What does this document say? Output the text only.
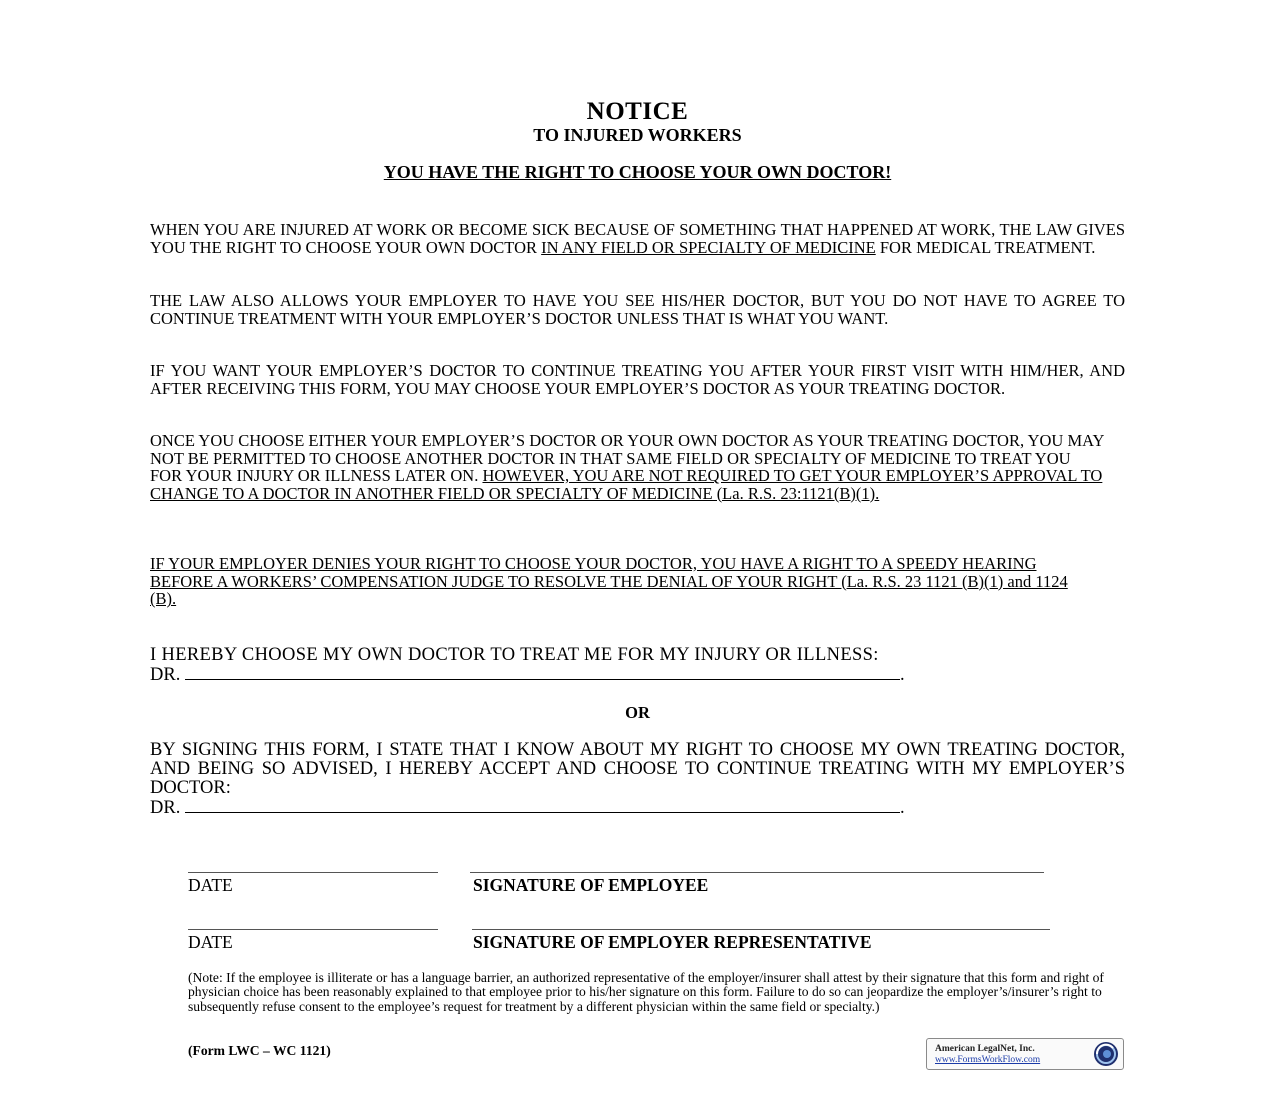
NOTICE
TO INJURED WORKERS
YOU HAVE THE RIGHT TO CHOOSE YOUR OWN DOCTOR!
WHEN YOU ARE INJURED AT WORK OR BECOME SICK BECAUSE OF SOMETHING THAT HAPPENED AT WORK, THE LAW GIVES YOU THE RIGHT TO CHOOSE YOUR OWN DOCTOR IN ANY FIELD OR SPECIALTY OF MEDICINE FOR MEDICAL TREATMENT.
THE LAW ALSO ALLOWS YOUR EMPLOYER TO HAVE YOU SEE HIS/HER DOCTOR, BUT YOU DO NOT HAVE TO AGREE TO CONTINUE TREATMENT WITH YOUR EMPLOYER’S DOCTOR UNLESS THAT IS WHAT YOU WANT.
IF YOU WANT YOUR EMPLOYER’S DOCTOR TO CONTINUE TREATING YOU AFTER YOUR FIRST VISIT WITH HIM/HER, AND AFTER RECEIVING THIS FORM, YOU MAY CHOOSE YOUR EMPLOYER’S DOCTOR AS YOUR TREATING DOCTOR.
ONCE YOU CHOOSE EITHER YOUR EMPLOYER’S DOCTOR OR YOUR OWN DOCTOR AS YOUR TREATING DOCTOR, YOU MAY NOT BE PERMITTED TO CHOOSE ANOTHER DOCTOR IN THAT SAME FIELD OR SPECIALTY OF MEDICINE TO TREAT YOU FOR YOUR INJURY OR ILLNESS LATER ON. HOWEVER, YOU ARE NOT REQUIRED TO GET YOUR EMPLOYER’S APPROVAL TO CHANGE TO A DOCTOR IN ANOTHER FIELD OR SPECIALTY OF MEDICINE (La. R.S. 23:1121(B)(1).
IF YOUR EMPLOYER DENIES YOUR RIGHT TO CHOOSE YOUR DOCTOR, YOU HAVE A RIGHT TO A SPEEDY HEARING BEFORE A WORKERS’ COMPENSATION JUDGE TO RESOLVE THE DENIAL OF YOUR RIGHT (La. R.S. 23 1121 (B)(1) and 1124 (B).
I HEREBY CHOOSE MY OWN DOCTOR TO TREAT ME FOR MY INJURY OR ILLNESS:
DR.	.
OR
BY SIGNING THIS FORM, I STATE THAT I KNOW ABOUT MY RIGHT TO CHOOSE MY OWN TREATING DOCTOR, AND BEING SO ADVISED, I HEREBY ACCEPT AND CHOOSE TO CONTINUE TREATING WITH MY EMPLOYER’S DOCTOR:
DR.	.
DATE	SIGNATURE OF EMPLOYEE
DATE	SIGNATURE OF EMPLOYER REPRESENTATIVE
(Note: If the employee is illiterate or has a language barrier, an authorized representative of the employer/insurer shall attest by their signature that this form and right of physician choice has been reasonably explained to that employee prior to his/her signature on this form. Failure to do so can jeopardize the employer’s/insurer’s right to subsequently refuse consent to the employee’s request for treatment by a different physician within the same field or specialty.)
(Form LWC – WC 1121)	American LegalNet, Inc.
www.FormsWorkFlow.com
